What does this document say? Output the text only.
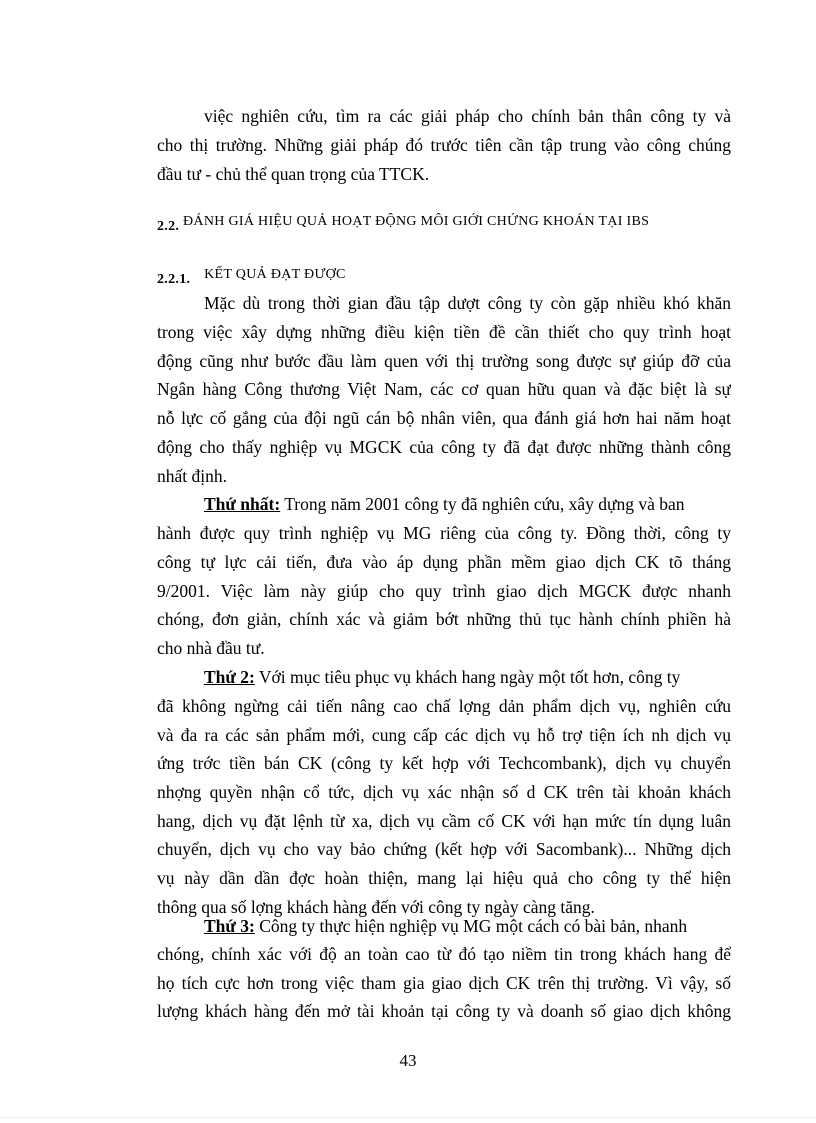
việc nghiên cứu, tìm ra các giải pháp cho chính bản thân công ty và
cho thị trường. Những giải pháp đó trước tiên cần tập trung vào công chúng
đầu tư - chủ thể quan trọng của TTCK.
2.2. ĐÁNH GIÁ HIỆU QUẢ HOẠT ĐỘNG MÔI GIỚI CHỨNG KHOÁN TẠI IBS
2.2.1. KẾT QUẢ ĐẠT ĐƯỢC
Mặc dù trong thời gian đầu tập dượt công ty còn gặp nhiều khó khăn
trong việc xây dựng những điều kiện tiền đề cần thiết cho quy trình hoạt
động cũng như bước đầu làm quen với thị trường song được sự giúp đỡ của
Ngân hàng Công thương Việt Nam, các cơ quan hữu quan và đặc biệt là sự
nỗ lực cố gắng của đội ngũ cán bộ nhân viên, qua đánh giá hơn hai năm hoạt
động cho thấy nghiệp vụ MGCK của công ty đã đạt được những thành công
nhất định.
Thứ nhất: Trong năm 2001 công ty đã nghiên cứu, xây dựng và ban
hành được quy trình nghiệp vụ MG riêng của công ty. Đồng thời, công ty
công tự lực cải tiến, đưa vào áp dụng phần mềm giao dịch CK tõ tháng
9/2001. Việc làm này giúp cho quy trình giao dịch MGCK được nhanh
chóng, đơn giản, chính xác và giảm bớt những thủ tục hành chính phiền hà
cho nhà đầu tư.
Thứ 2: Với mục tiêu phục vụ khách hang ngày một tốt hơn, công ty
đã không ngừng cải tiến nâng cao chấ lợng dản phẩm dịch vụ, nghiên cứu
và đa ra các sản phẩm mới, cung cấp các dịch vụ hỗ trợ tiện ích nh dịch vụ
ứng trớc tiền bán CK (công ty kết hợp với Techcombank), dịch vụ chuyển
nhợng quyền nhận cổ tức, dịch vụ xác nhận số d CK trên tài khoản khách
hang, dịch vụ đặt lệnh từ xa, dịch vụ cầm cố CK với hạn mức tín dụng luân
chuyển, dịch vụ cho vay bảo chứng (kết hợp với Sacombank)... Những dịch
vụ này dần dần đợc hoàn thiện, mang lại hiệu quả cho công ty thể hiện
thông qua số lợng khách hàng đến với công ty ngày càng tăng.
Thứ 3: Công ty thực hiện nghiệp vụ MG một cách có bài bản, nhanh
chóng, chính xác với độ an toàn cao từ đó tạo niềm tin trong khách hang để
họ tích cực hơn trong việc tham gia giao dịch CK trên thị trường. Vì vậy, số
lượng khách hàng đến mở tài khoản tại công ty và doanh số giao dịch không
43
